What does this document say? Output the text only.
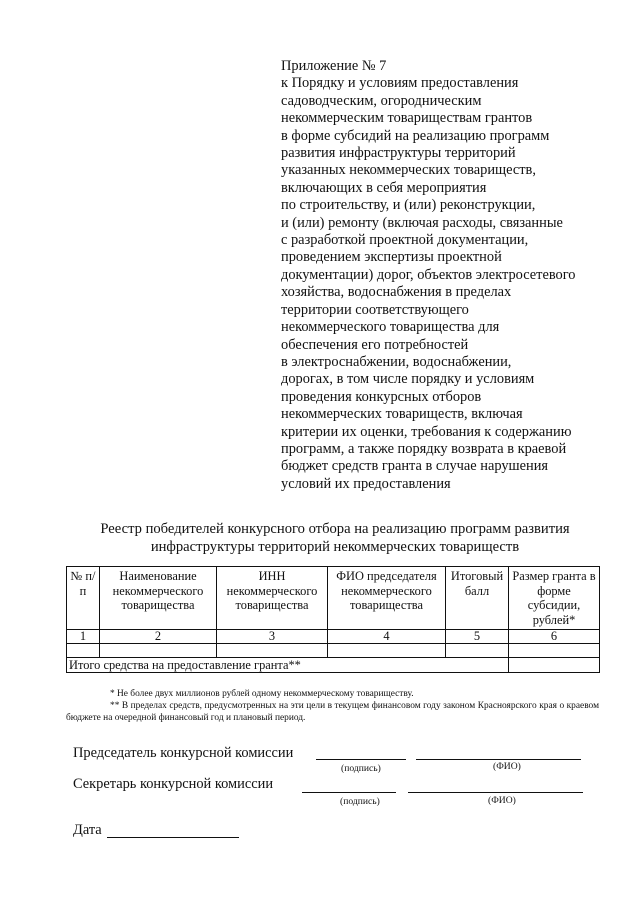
Приложение № 7
к Порядку и условиям предоставления
садоводческим, огородническим
некоммерческим товариществам грантов
в форме субсидий на реализацию программ
развития инфраструктуры территорий
указанных некоммерческих товариществ,
включающих в себя мероприятия
по строительству, и (или) реконструкции,
и (или) ремонту (включая расходы, связанные
с разработкой проектной документации,
проведением экспертизы проектной
документации) дорог, объектов электросетевого
хозяйства, водоснабжения в пределах
территории соответствующего
некоммерческого товарищества для
обеспечения его потребностей
в электроснабжении, водоснабжении,
дорогах, в том числе порядку и условиям
проведения конкурсных отборов
некоммерческих товариществ, включая
критерии их оценки, требования к содержанию
программ, а также порядку возврата в краевой
бюджет средств гранта в случае нарушения
условий их предоставления
Реестр победителей конкурсного отбора на реализацию программ развития
инфраструктуры территорий некоммерческих товариществ
№ п/п	Наименование некоммерческого товарищества	ИНН некоммерческого товарищества	ФИО председателя некоммерческого товарищества	Итоговый балл	Размер гранта в форме субсидии, рублей*
1	2	3	4	5	6

Итого средства на предоставление гранта**					
* Не более двух миллионов рублей одному некоммерческому товариществу.
** В пределах средств, предусмотренных на эти цели в текущем финансовом году законом Красноярского края о краевом бюджете на очередной финансовый год и плановый период.
Председатель конкурсной комиссии
(подпись)	(ФИО)
Секретарь конкурсной комиссии
(подпись)	(ФИО)
Дата
